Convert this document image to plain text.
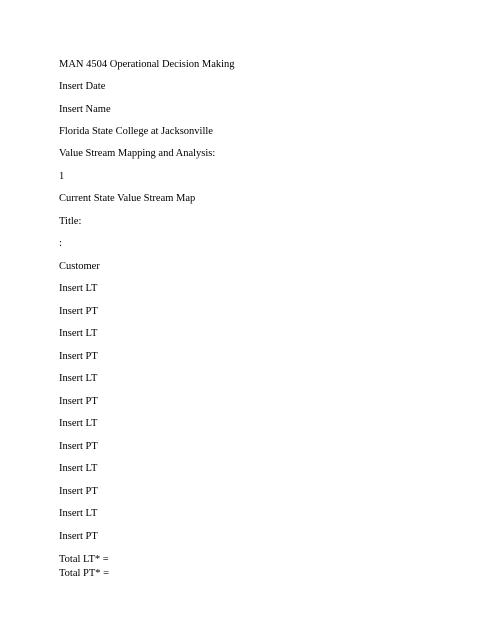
MAN 4504 Operational Decision Making
Insert Date
Insert Name
Florida State College at Jacksonville
Value Stream Mapping and Analysis:
1
Current State Value Stream Map
Title:
:
Customer
Insert LT
Insert PT
Insert LT
Insert PT
Insert LT
Insert PT
Insert LT
Insert PT
Insert LT
Insert PT
Insert LT
Insert PT
Total LT* =
Total PT* =
